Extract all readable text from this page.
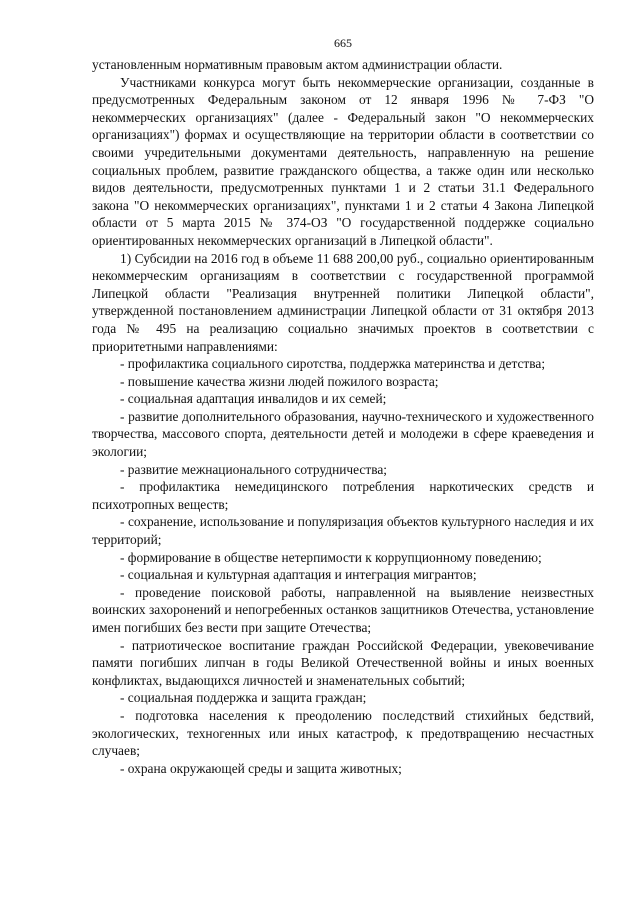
665

установленным нормативным правовым актом администрации области.

Участниками конкурса могут быть некоммерческие организации, созданные в предусмотренных Федеральным законом от 12 января 1996 № 7-ФЗ "О некоммерческих организациях" (далее - Федеральный закон "О некоммерческих организациях") формах и осуществляющие на территории области в соответствии со своими учредительными документами деятельность, направленную на решение социальных проблем, развитие гражданского общества, а также один или несколько видов деятельности, предусмотренных пунктами 1 и 2 статьи 31.1 Федерального закона "О некоммерческих организациях", пунктами 1 и 2 статьи 4 Закона Липецкой области от 5 марта 2015 № 374-ОЗ "О государственной поддержке социально ориентированных некоммерческих организаций в Липецкой области".

1) Субсидии на 2016 год в объеме 11 688 200,00 руб., социально ориентированным некоммерческим организациям в соответствии с государственной программой Липецкой области "Реализация внутренней политики Липецкой области", утвержденной постановлением администрации Липецкой области от 31 октября 2013 года № 495 на реализацию социально значимых проектов в соответствии с приоритетными направлениями:

- профилактика социального сиротства, поддержка материнства и детства;

- повышение качества жизни людей пожилого возраста;

- социальная адаптация инвалидов и их семей;

- развитие дополнительного образования, научно-технического и художественного творчества, массового спорта, деятельности детей и молодежи в сфере краеведения и экологии;

- развитие межнационального сотрудничества;

- профилактика немедицинского потребления наркотических средств и психотропных веществ;

- сохранение, использование и популяризация объектов культурного наследия и их территорий;

- формирование в обществе нетерпимости к коррупционному поведению;

- социальная и культурная адаптация и интеграция мигрантов;

- проведение поисковой работы, направленной на выявление неизвестных воинских захоронений и непогребенных останков защитников Отечества, установление имен погибших без вести при защите Отечества;

- патриотическое воспитание граждан Российской Федерации, увековечивание памяти погибших липчан в годы Великой Отечественной войны и иных военных конфликтах, выдающихся личностей и знаменательных событий;

- социальная поддержка и защита граждан;

- подготовка населения к преодолению последствий стихийных бедствий, экологических, техногенных или иных катастроф, к предотвращению несчастных случаев;

- охрана окружающей среды и защита животных;
